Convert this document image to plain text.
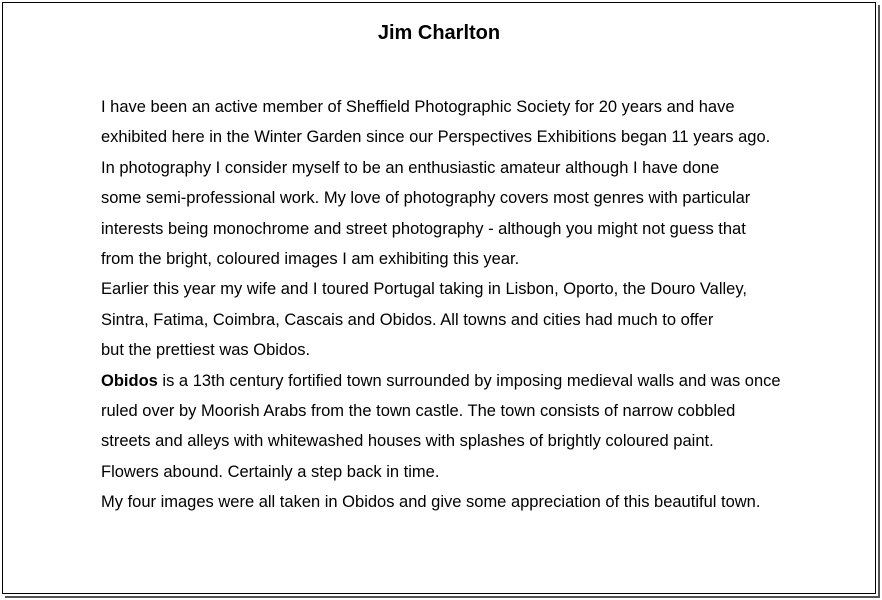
Jim Charlton
I have been an active member of Sheffield Photographic Society for 20 years and have
exhibited here in the Winter Garden since our Perspectives Exhibitions began 11 years ago.
In photography I consider myself to be an enthusiastic amateur although I have done
some semi-professional work. My love of photography covers most genres with particular
interests being monochrome and street photography - although you might not guess that
from the bright, coloured images I am exhibiting this year.
Earlier this year my wife and I toured Portugal taking in Lisbon, Oporto, the Douro Valley,
Sintra, Fatima, Coimbra, Cascais and Obidos. All towns and cities had much to offer
but the prettiest was Obidos.
Obidos is a 13th century fortified town surrounded by imposing medieval walls and was once
ruled over by Moorish Arabs from the town castle. The town consists of narrow cobbled
streets and alleys with whitewashed houses with splashes of brightly coloured paint.
Flowers abound. Certainly a step back in time.
My four images were all taken in Obidos and give some appreciation of this beautiful town.
